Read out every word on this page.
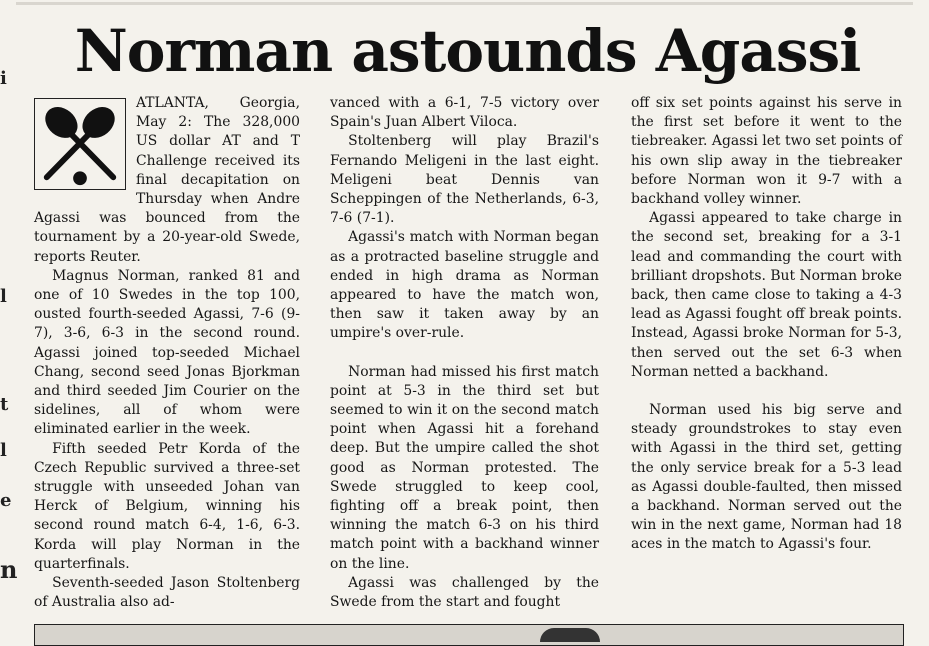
i
l
t
l
e
n
Norman astounds Agassi

ATLANTA, Georgia, May 2: The 328,000 US dollar AT and T Challenge received its final decapitation on Thursday when Andre Agassi was bounced from the tournament by a 20-year-old Swede, reports Reuter.

Magnus Norman, ranked 81 and one of 10 Swedes in the top 100, ousted fourth-seeded Agassi, 7-6 (9-7), 3-6, 6-3 in the second round. Agassi joined top-seeded Michael Chang, second seed Jonas Bjorkman and third seeded Jim Courier on the sidelines, all of whom were eliminated earlier in the week.

Fifth seeded Petr Korda of the Czech Republic survived a three-set struggle with unseeded Johan van Herck of Belgium, winning his second round match 6-4, 1-6, 6-3. Korda will play Norman in the quarterfinals.

Seventh-seeded Jason Stoltenberg of Australia also ad-

vanced with a 6-1, 7-5 victory over Spain's Juan Albert Viloca.

Stoltenberg will play Brazil's Fernando Meligeni in the last eight. Meligeni beat Dennis van Scheppingen of the Netherlands, 6-3, 7-6 (7-1).

Agassi's match with Norman began as a protracted baseline struggle and ended in high drama as Norman appeared to have the match won, then saw it taken away by an umpire's over-rule.

Norman had missed his first match point at 5-3 in the third set but seemed to win it on the second match point when Agassi hit a forehand deep. But the umpire called the shot good as Norman protested. The Swede struggled to keep cool, fighting off a break point, then winning the match 6-3 on his third match point with a backhand winner on the line.

Agassi was challenged by the Swede from the start and fought

off six set points against his serve in the first set before it went to the tiebreaker. Agassi let two set points of his own slip away in the tiebreaker before Norman won it 9-7 with a backhand volley winner.

Agassi appeared to take charge in the second set, breaking for a 3-1 lead and commanding the court with brilliant dropshots. But Norman broke back, then came close to taking a 4-3 lead as Agassi fought off break points. Instead, Agassi broke Norman for 5-3, then served out the set 6-3 when Norman netted a backhand.

Norman used his big serve and steady groundstrokes to stay even with Agassi in the third set, getting the only service break for a 5-3 lead as Agassi double-faulted, then missed a backhand. Norman served out the win in the next game, Norman had 18 aces in the match to Agassi's four.
